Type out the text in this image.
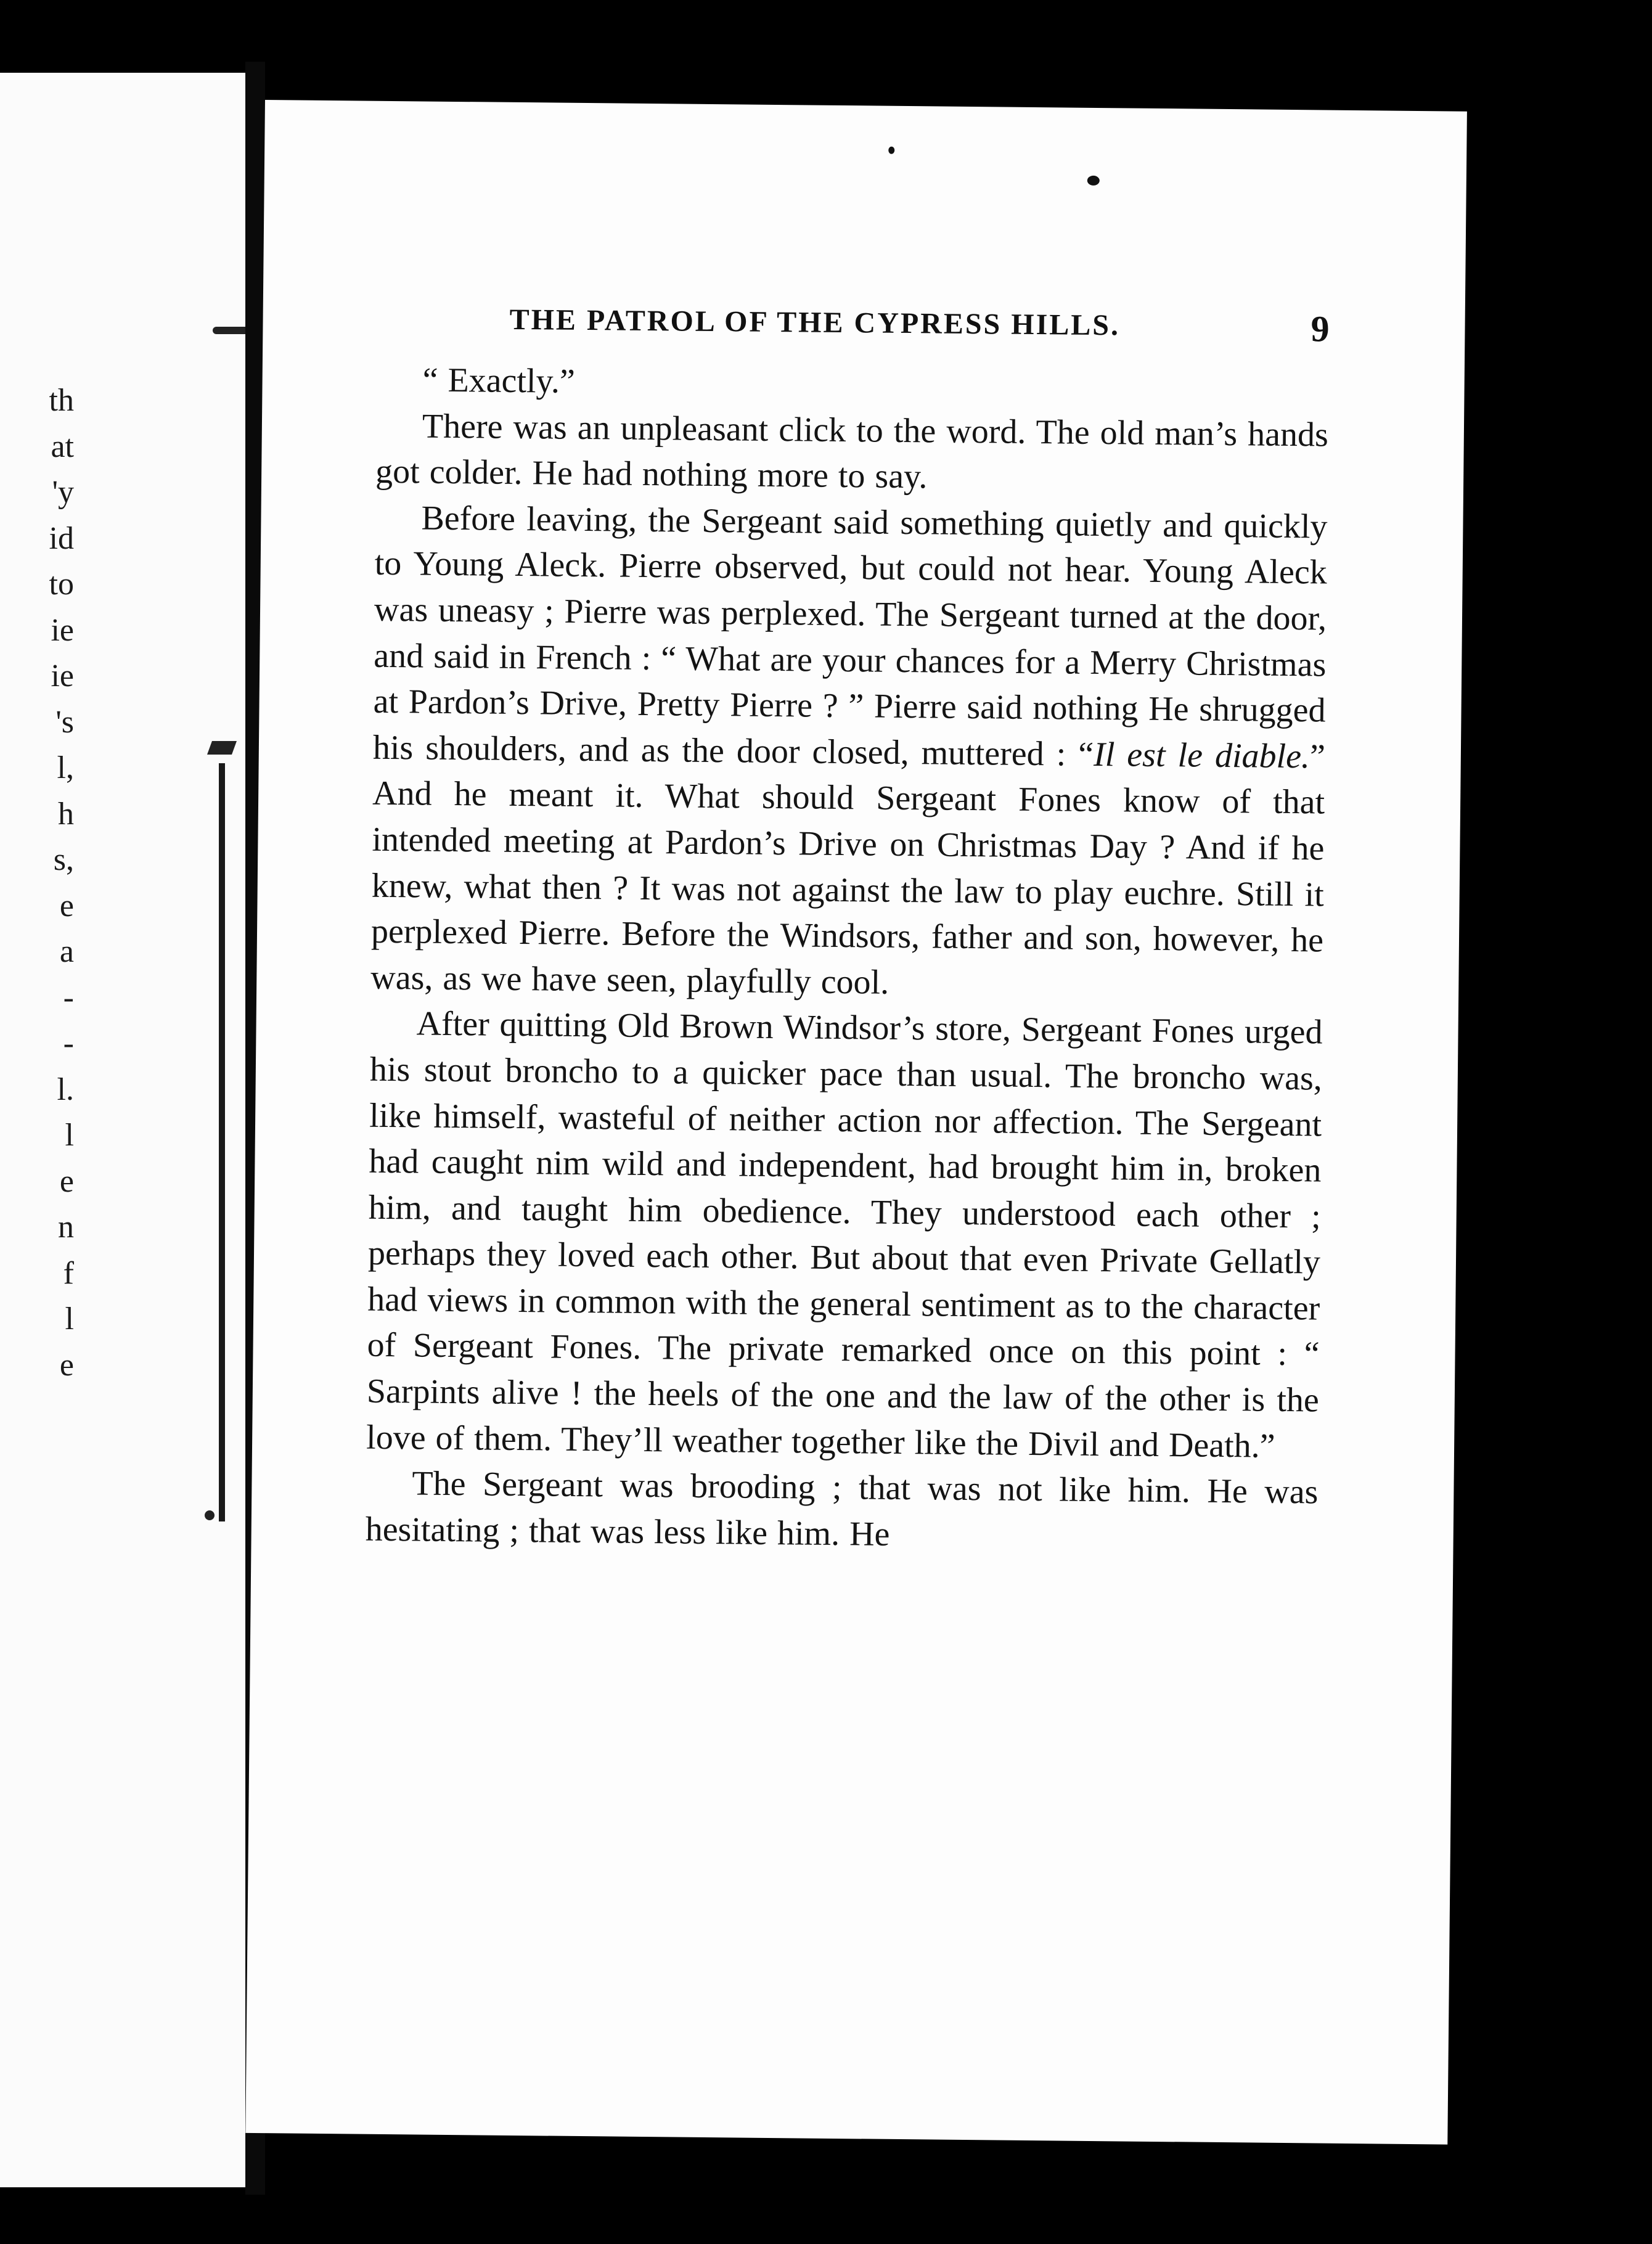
th
at
'y
id
to
ie
ie
's
l,
h
s,
e
a
-
-
l.
l
e
n
f
l
e
THE PATROL OF THE CYPRESS HILLS.	9

“ Exactly.”

There was an unpleasant click to the word. The old man’s hands got colder. He had nothing more to say.

Before leaving, the Sergeant said something quietly and quickly to Young Aleck. Pierre observed, but could not hear. Young Aleck was uneasy ; Pierre was perplexed. The Sergeant turned at the door, and said in French : “ What are your chances for a Merry Christmas at Pardon’s Drive, Pretty Pierre ? ” Pierre said nothing He shrugged his shoulders, and as the door closed, muttered : “Il est le diable.” And he meant it. What should Sergeant Fones know of that intended meeting at Pardon’s Drive on Christmas Day ? And if he knew, what then ? It was not against the law to play euchre. Still it perplexed Pierre. Before the Windsors, father and son, however, he was, as we have seen, playfully cool.

After quitting Old Brown Windsor’s store, Sergeant Fones urged his stout broncho to a quicker pace than usual. The broncho was, like himself, wasteful of neither action nor affection. The Sergeant had caught nim wild and independent, had brought him in, broken him, and taught him obedience. They understood each other ; perhaps they loved each other. But about that even Private Gellatly had views in common with the general sentiment as to the character of Sergeant Fones. The private remarked once on this point : “ Sarpints alive ! the heels of the one and the law of the other is the love of them. They’ll weather together like the Divil and Death.”

The Sergeant was brooding ; that was not like him. He was hesitating ; that was less like him. He
